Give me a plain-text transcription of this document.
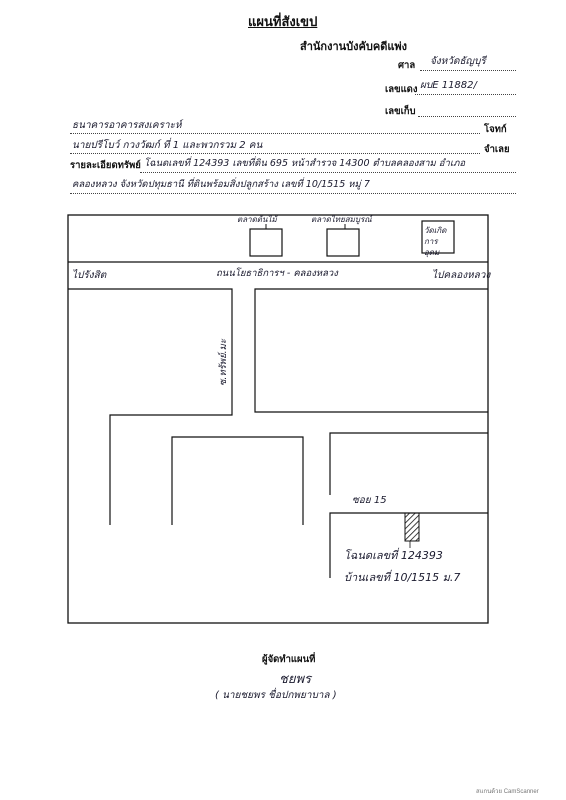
แผนที่สังเขป
สำนักงานบังคับคดีแพ่ง
ศาล จังหวัดธัญบุรี
เลขแดง ผบE 11882/
เลขเก็บ
ธนาคารอาคารสงเคราะห์	โจทก์
นายปรีโบว์ กวงวัฒก์ ที่ 1 และพวกรวม 2 คน	จำเลย
รายละเอียดทรัพย์ โฉนดเลขที่ 124393 เลขที่ดิน 695 หน้าสำรวจ 14300 ตำบลคลองสาม อำเภอ
คลองหลวง จังหวัดปทุมธานี ที่ดินพร้อมสิ่งปลูกสร้าง เลขที่ 10/1515 หมู่ 7
ตลาดต้นไม้	ตลาดไทยสมบูรณ์
วัดเกิดการอุดม
ไปรังสิต	ถนนโยธาธิการฯ - คลองหลวง	ไปคลองหลวง
ซ.ทรัพย์.มะ
ซอย 15
โฉนดเลขที่ 124393
บ้านเลขที่ 10/1515 ม.7
ผู้จัดทำแผนที่
ชยพร
( นายชยพร ชื่อปกพยาบาล )
สแกนด้วย CamScanner
